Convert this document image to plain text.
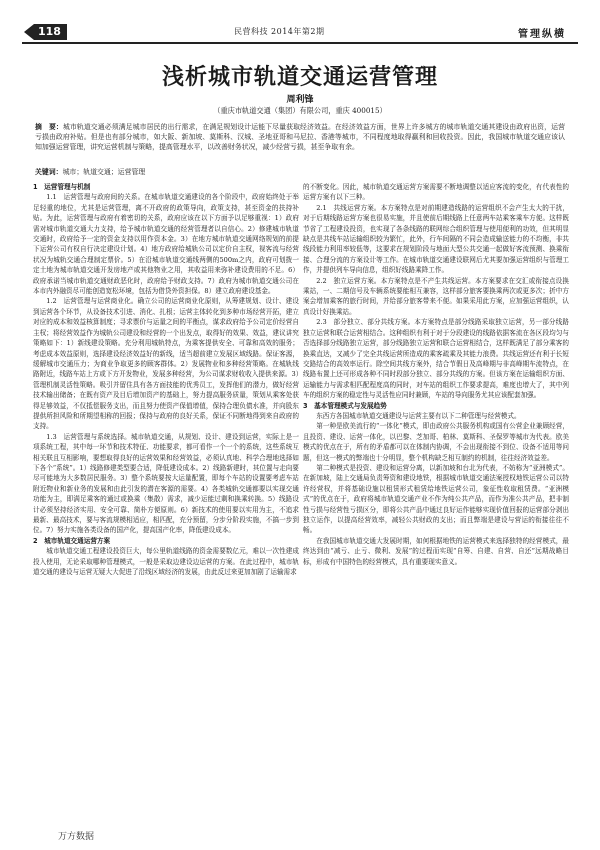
118	民营科技 2014年第2期	管理纵横
浅析城市轨道交通运营管理
周利锋
（重庆市轨道交通（集团）有限公司，重庆 400015）
摘　要：城市轨道交通必须满足城市居民的出行需求，在满足规划设计运能下尽量获取经济效益。在经济效益方面，世界上许多城方的城市轨道交通其建设由政府出资，运营亏损由政府补贴。但是也有部分城市，如大阪、新加坡、莫斯科、汉城、圣地亚哥和马尼拉、香港等城市，不同程度地取得赢利和回收投资。因此，我国城市轨道交通应该认知加强运营管理，讲究运营机制与策略，提高管理水平，以改善财务状况，减少经营亏损，甚至争取有余。
关键词：城市；轨道交通；运营管理

1　运营管理与机制

1.1　运营管理与政府间的关系。在城市轨道交通建设的各个阶段中，政府始终处于举足轻重的地位，尤其是运营管理，离不开政府的政策导向，政策支持，甚至资金的扶持补贴。为此，运营管理与政府有着密切的关系，政府应该在以下方面予以足够重视：1）政府需对城市轨道交通大力支持，给予城市轨道交通的经营管理者以自信心。2）修建城市轨道交通时，政府给予一定的资金支持以用作资本金。3）在地方城市轨道交通网络规划的前提下运营公司有权自行决定建设计划。4）地方政府给城轨公司以定价自主权，视客流与经营状况为城轨交通合理制定票价。5）在沿城市轨道交通线两侧的500m之内，政府可划拨一定土地为城市轨道交通开发房地产或其他物业之用，其收益用来弥补建设费用的不足。6）政府承诺当城市轨道交通财政恶化时，政府给予财政支持。7）政府为城市轨道交通公司在本市内外融资尽可能创造宽松环境，包括为借贷外资担保。8）建立政府建设基金。

1.2　运营管理与运营商业化。确立公司的运营商业化原则，从筹建规划、设计、建设到运营各个环节，从设备技术引进、消化、扎根；运营主体转化到多种市场经营开拓，建立对应的成本和效益核算制度；寻求票价与运量之间的平衡点，谋求政府给予公司定价经营自主权；将经营效益作为城轨公司建设和经营的一个出发点，取得好的效果、效益，建议讲究策略如下：1）新线建设策略。充分利用城轨特点，为乘客提供安全、可靠和高效的服务；考虑成本效益原则，选择建设经济效益好的新线，适当超前建立发展区域线路。保证客源，缓解城市交通压力；为商业争取更多的顾客群体。2）发展物业和多种经营策略。在城轨线路附近，线路车站上方或下方开发物业，发展多种经营，为公司谋求财收收入提供来源。3）管理机制灵活性策略。吸引并留住具有各方面技能的优秀员工，发挥他们的潜力，做好经营技术输出储备；在既有资产及目后增加资产的基础上，努力提高服务质量，策划从乘客处获得足够效益，不仅抵偿服务支出，而且努力使资产保值增值，保持合理负债水准，并向股东提供所担风险和所期望相称的回报；保持与政府的良好关系，保证不同断地得到来自政府的支持。

1.3　运营管理与系统选择。城市轨道交通，从规划、设计、建设到运营，实际上是一项系统工程，其中每一环节和技术特征、功能要求，都可看作一个一个的系统，这些系统互相关联且互相影响，要想取得良好的运营效果和经营效益，必须认真地、科学合理地选择如下各个“系统”。1）线路修建类型要合适，降低建设成本。2）线路新建时，其位置与走向要尽可能地为大多数居民服务。3）整个系统要按大运量配置，即每个车站的设置要考虑车站附近物业和新业务的发展和由此引发的潜在客源的需要。4）各类城轨交通都要以实现交通功能为主，即满足乘客的通过或换乘（集散）需求，减少运能过剩和换乘转换。5）线路设计必须坚持经济实用、安全可靠、简朴方便原则。6）新技术的使用要以实用为主，不追求最新、最高技术，要与客流规模相适应，相匹配，充分预留，分步分阶段实施，不搞一步到位。7）努力实施各类设备的国产化，提高国产化率，降低建设成本。

2　城市轨道交通运营方案

城市轨道交通工程建设投资巨大，每公里轨道线路的资金需要数亿元，难以一次性建成投入使用，无论采取哪种管理模式，一般是采取边建设边运营的方案。在此过程中，城市轨道交通的建设与运营无疑大大促进了沿线区域经济的发展，由此反过来更加加剧了运输需求

的不断变化。因此，城市轨道交通运营方案需要不断地调整以适应客流的变化，有代表性的运营方案有以下三种。

2.1　共线运营方案。本方案特点是对前期建造线路的运营组织不会产生太大的干扰，对于后期线路运营方案也很易实施，并且使前后期线路上任意两车站乘客乘车方便。这样既节省了工程建设投资，也实现了各条线路的联网综合组织管理与使用便利的功效，但其明显缺点是共线车站运输组织较为繁忙，此外，行车间隔的不同会造成输送能力的不均衡，非共线段能力利用率较低等，这要求在规划阶段与地面大型公共交通一起做好客流预测、换乘衔接、合理分流的方案设计等工作。在城市轨道交通建设联网后尤其要加强运营组织与管理工作，并提供列车导向信息，组织好线路乘降工作。

2.2　独立运营方案。本方案特点是不产生共线运营。本方案要求在交汇或衔接点设换乘站，一、二期信号及车辆系统要能相互兼容，这样部分旅客要换乘两次或更多次；折中方案会增加乘客的旅行时间，并给部分旅客带来不便。如果采用此方案，应加强运营组织，认真设计好换乘站。

2.3　部分独立、部分共线方案。本方案特点是部分线路采取独立运营，另一部分线路独立运营和联合运营相结合。这种组织有利于对于分段建设的线路依据客流在各区段均匀与否选择部分线路独立运营，部分线路独立运营和联合运营相结合，这样既满足了部分乘客的换乘直达，又减少了完全共线运营所造成的乘客疏乘及其能力浪费。共线运营还有利于长短交路结合的高效率运行。除空间共线方案外，结合节假日及高峰期与非高峰期车流特点，在线路布置上还可形成各种不同时段部分独立、部分共线的方案。但该方案在运输组织方面、运输能力与需求相匹配程度高的同时，对车站的组织工作要求提高，难度也增大了，其中列车的组织方案的稳定性与灵活性应同时兼顾，车站的导向服务尤其应该配套加强。

3　基本管理模式与发展趋势

东西方各国城市轨道交通建设与运营主要有以下二种管理与经营模式。

第一种是欧美流行的“一体化”模式，即由政府公共服务机构或国有公营企业兼顾经营，且投资、建设、运营一体化，以巴黎、芝加哥、柏林、莫斯科、圣保罗等城市为代表。欧美模式的优点在于，所有的矛盾都可以在体制内协调，不会出现衔接不到位、设备不适用等问题，但这一模式的弊端也十分明显，整个机构缺乏相互制约的机制，往往经济效益差。

第二种模式是投资、建设和运营分离，以新加坡和台北为代表，不妨称为“亚洲模式”。在新加坡，陆上交通局负责筹资和建设地铁，根据城市轨道交通法案授权地铁运营公司以特许经营权，并将基础设施以租赁形式租赁给地铁运营公司，象征性收取租赁费。“亚洲模式”的优点在于，政府将城市轨道交通产业不作为纯公共产品，而作为准公共产品，把非制性亏损与经营性亏损区分，即将公共产品中通过良好运作能够实现价值回报的运营部分剥出独立运作，以提高经营效率，减轻公共财政的支出；而且弊端是建设与营运的衔接往往不畅。

在我国城市轨道交通大发展时期，如何根据地铁的运营模式来选择独特的经营模式，最终达到由“减亏、止亏、微利、发展”的过程而实现“自筹、自建、自营、自还”远期战略目标，形成有中国特色的经营模式，具有重要现实意义。

万方数据
